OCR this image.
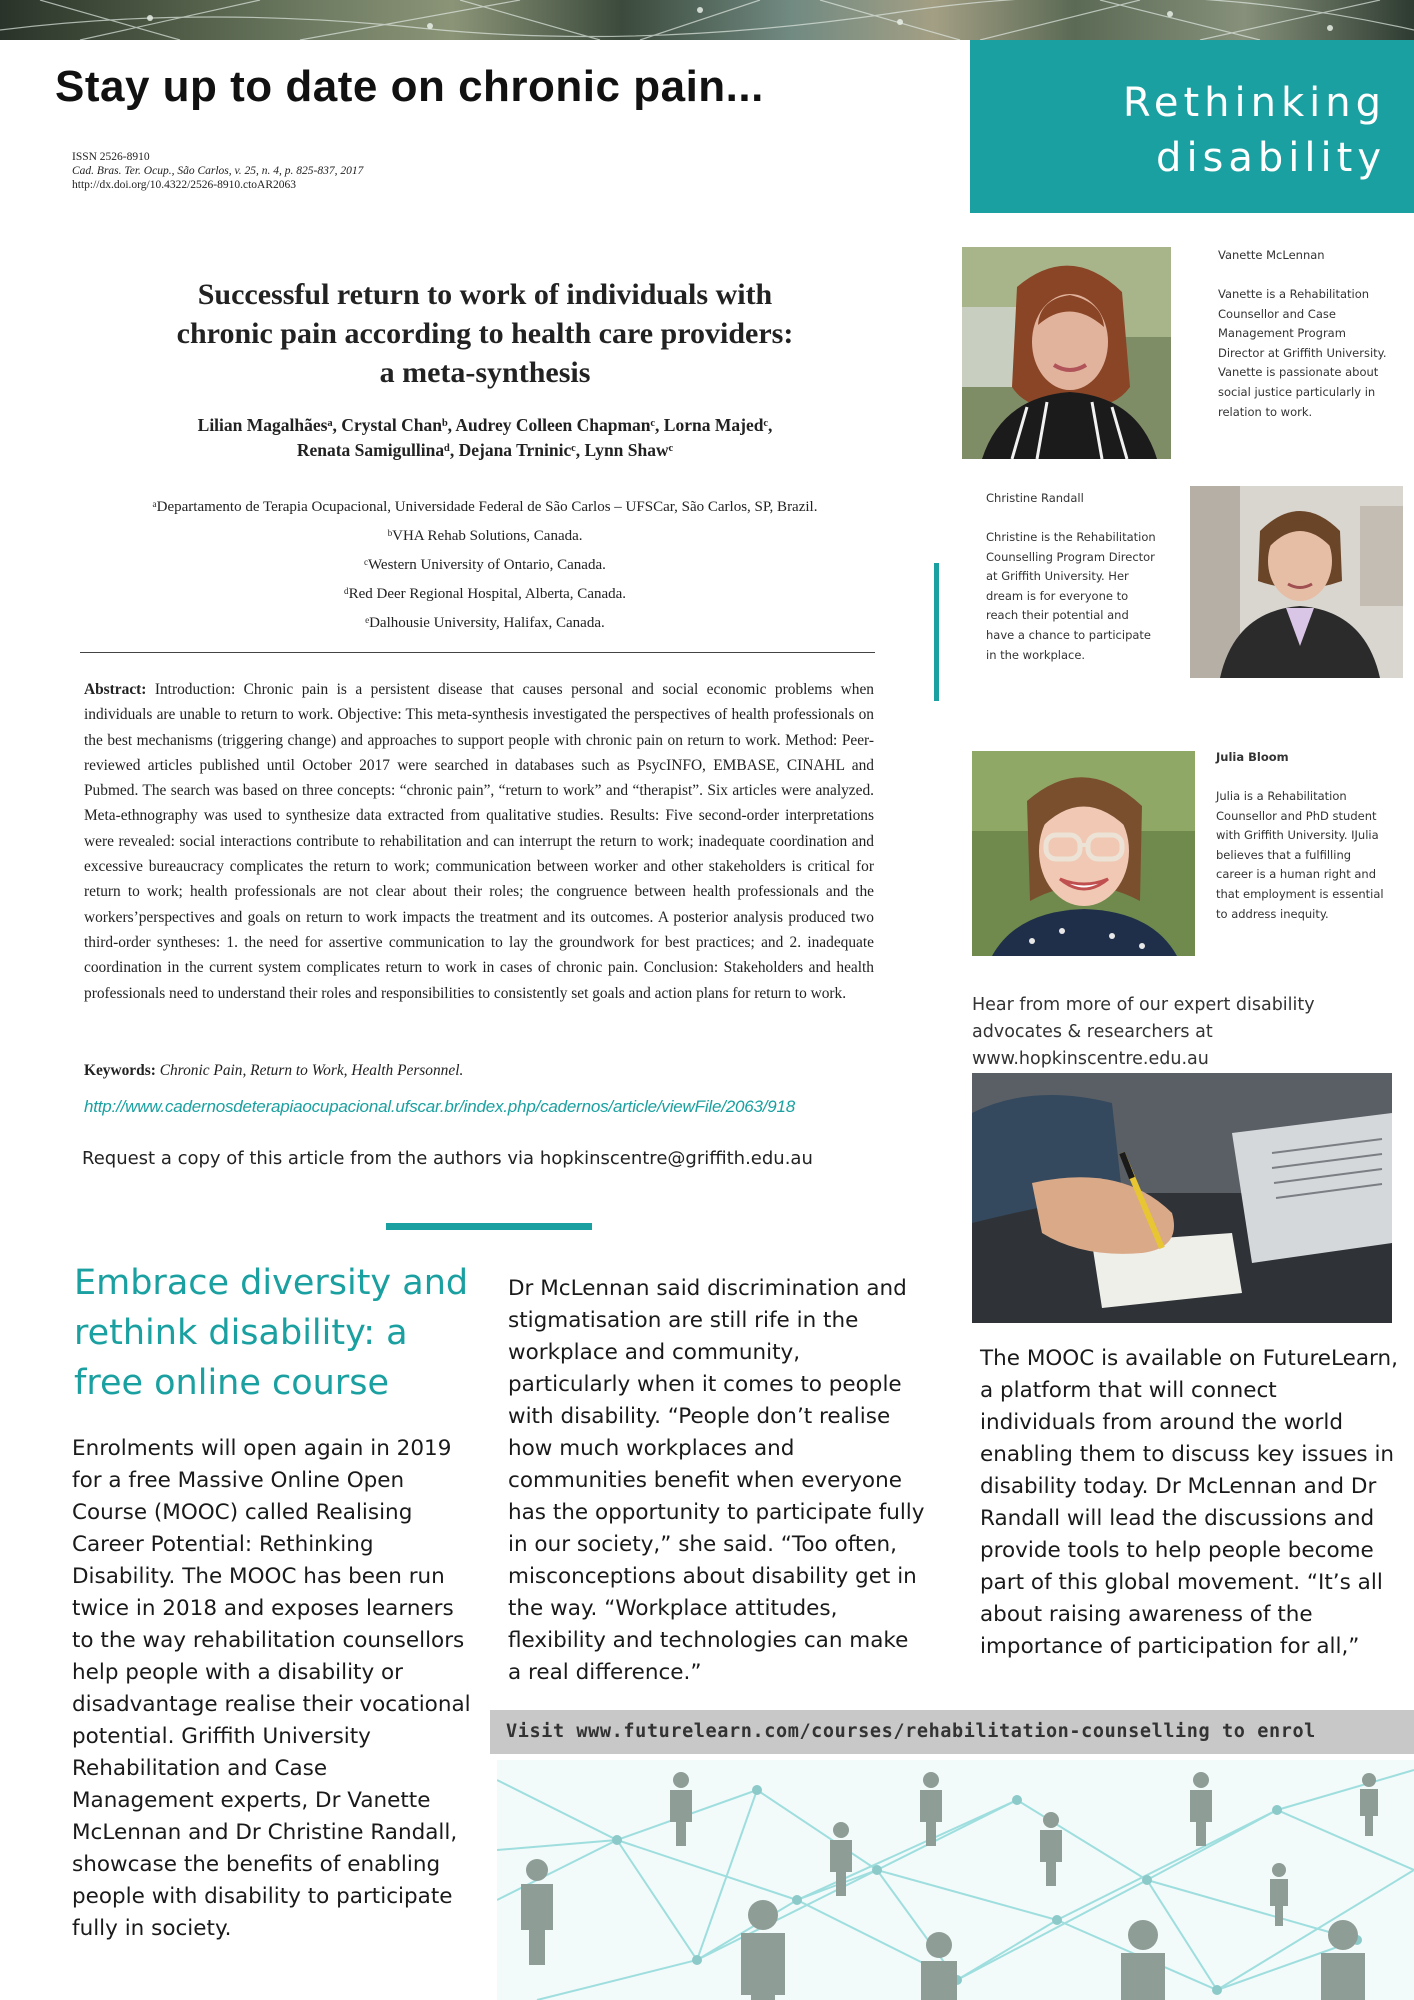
Stay up to date on chronic pain...	Rethinking
disability
ISSN 2526-8910
Cad. Bras. Ter. Ocup., São Carlos, v. 25, n. 4, p. 825-837, 2017
http://dx.doi.org/10.4322/2526-8910.ctoAR2063
Successful return to work of individuals with
chronic pain according to health care providers:
a meta-synthesis
Lilian Magalhãesᵃ, Crystal Chanᵇ, Audrey Colleen Chapmanᶜ, Lorna Majedᶜ,
Renata Samigullinaᵈ, Dejana Trninicᶜ, Lynn Shawᶜ
ᵃDepartamento de Terapia Ocupacional, Universidade Federal de São Carlos – UFSCar, São Carlos, SP, Brazil.
ᵇVHA Rehab Solutions, Canada.
ᶜWestern University of Ontario, Canada.
ᵈRed Deer Regional Hospital, Alberta, Canada.
ᵉDalhousie University, Halifax, Canada.
Abstract: Introduction: Chronic pain is a persistent disease that causes personal and social economic problems when individuals are unable to return to work. Objective: This meta-synthesis investigated the perspectives of health professionals on the best mechanisms (triggering change) and approaches to support people with chronic pain on return to work. Method: Peer-reviewed articles published until October 2017 were searched in databases such as PsycINFO, EMBASE, CINAHL and Pubmed. The search was based on three concepts: “chronic pain”, “return to work” and “therapist”. Six articles were analyzed. Meta-ethnography was used to synthesize data extracted from qualitative studies. Results: Five second-order interpretations were revealed: social interactions contribute to rehabilitation and can interrupt the return to work; inadequate coordination and excessive bureaucracy complicates the return to work; communication between worker and other stakeholders is critical for return to work; health professionals are not clear about their roles; the congruence between health professionals and the workers’perspectives and goals on return to work impacts the treatment and its outcomes. A posterior analysis produced two third-order syntheses: 1. the need for assertive communication to lay the groundwork for best practices; and 2. inadequate coordination in the current system complicates return to work in cases of chronic pain. Conclusion: Stakeholders and health professionals need to understand their roles and responsibilities to consistently set goals and action plans for return to work.
Keywords: Chronic Pain, Return to Work, Health Personnel.
http://www.cadernosdeterapiaocupacional.ufscar.br/index.php/cadernos/article/viewFile/2063/918
Request a copy of this article from the authors via hopkinscentre@griffith.edu.au
Vanette McLennan
Vanette is a Rehabilitation
Counsellor and Case
Management Program
Director at Griffith University.
Vanette is passionate about
social justice particularly in
relation to work.
Christine Randall
Christine is the Rehabilitation
Counselling Program Director
at Griffith University. Her
dream is for everyone to
reach their potential and
have a chance to participate
in the workplace.
Julia Bloom
Julia is a Rehabilitation
Counsellor and PhD student
with Griffith University. IJulia
believes that a fulfilling
career is a human right and
that employment is essential
to address inequity.
Hear from more of our expert disability advocates & researchers at www.hopkinscentre.edu.au
Embrace diversity and rethink disability: a free online course
Enrolments will open again in 2019 for a free Massive Online Open Course (MOOC) called Realising Career Potential: Rethinking Disability. The MOOC has been run twice in 2018 and exposes learners to the way rehabilitation counsellors help people with a disability or disadvantage realise their vocational potential. Griffith University Rehabilitation and Case Management experts, Dr Vanette McLennan and Dr Christine Randall, showcase the benefits of enabling people with disability to participate fully in society.
Dr McLennan said discrimination and stigmatisation are still rife in the workplace and community, particularly when it comes to people with disability. “People don’t realise how much workplaces and communities benefit when everyone has the opportunity to participate fully in our society,” she said. “Too often, misconceptions about disability get in the way. “Workplace attitudes, flexibility and technologies can make a real difference.”
The MOOC is available on FutureLearn, a platform that will connect individuals from around the world enabling them to discuss key issues in disability today. Dr McLennan and Dr Randall will lead the discussions and provide tools to help people become part of this global movement. “It’s all about raising awareness of the importance of participation for all,”
Visit www.futurelearn.com/courses/rehabilitation-counselling to enrol
